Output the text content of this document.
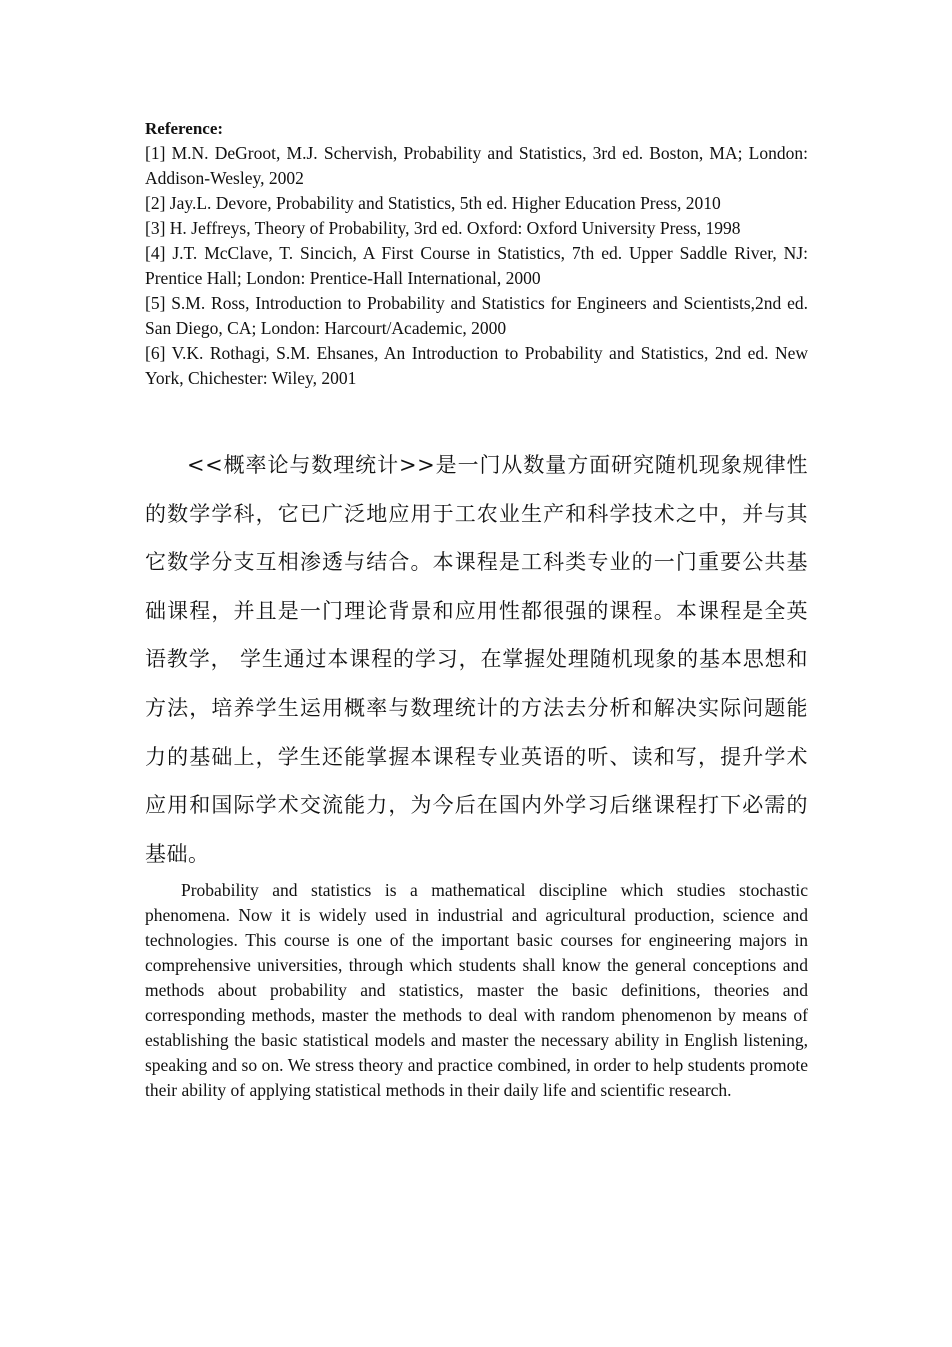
Reference:

[1] M.N. DeGroot, M.J. Schervish, Probability and Statistics, 3rd ed. Boston, MA; London: Addison-Wesley, 2002
[2] Jay.L. Devore, Probability and Statistics, 5th ed. Higher Education Press, 2010
[3] H. Jeffreys, Theory of Probability, 3rd ed. Oxford: Oxford University Press, 1998
[4] J.T. McClave, T. Sincich, A First Course in Statistics, 7th ed. Upper Saddle River, NJ: Prentice Hall; London: Prentice-Hall International, 2000
[5] S.M. Ross, Introduction to Probability and Statistics for Engineers and Scientists,2nd ed. San Diego, CA; London: Harcourt/Academic, 2000
[6] V.K. Rothagi, S.M. Ehsanes, An Introduction to Probability and Statistics, 2nd ed. New York, Chichester: Wiley, 2001

<<概率论与数理统计>>是一门从数量方面研究随机现象规律性的数学学科，它已广泛地应用于工农业生产和科学技术之中，并与其它数学分支互相渗透与结合。本课程是工科类专业的一门重要公共基础课程，并且是一门理论背景和应用性都很强的课程。本课程是全英语教学， 学生通过本课程的学习，在掌握处理随机现象的基本思想和方法，培养学生运用概率与数理统计的方法去分析和解决实际问题能力的基础上，学生还能掌握本课程专业英语的听、读和写，提升学术应用和国际学术交流能力，为今后在国内外学习后继课程打下必需的基础。

Probability and statistics is a mathematical discipline which studies stochastic phenomena. Now it is widely used in industrial and agricultural production, science and technologies. This course is one of the important basic courses for engineering majors in comprehensive universities, through which students shall know the general conceptions and methods about probability and statistics, master the basic definitions, theories and corresponding methods, master the methods to deal with random phenomenon by means of establishing the basic statistical models and master the necessary ability in English listening, speaking and so on. We stress theory and practice combined, in order to help students promote their ability of applying statistical methods in their daily life and scientific research.
